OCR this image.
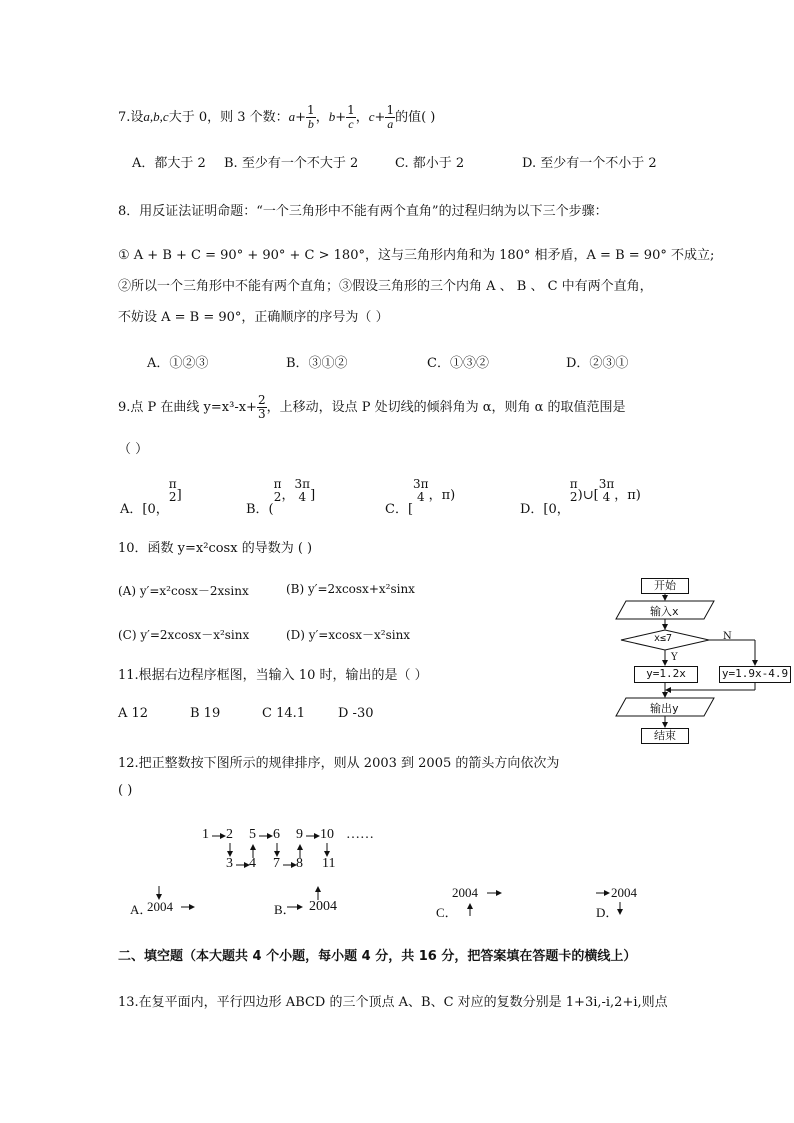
7.设a,b,c大于 0，则 3 个数：$a+ \frac{1}{b}$ ，$b+ \frac{1}{c}$ ，$c+ \frac{1}{a}$ 的值( )
A．都大于 2 B. 至少有一个不大于 2	C. 都小于 2	D. 至少有一个不小于 2
8．用反证法证明命题：“一个三角形中不能有两个直角”的过程归纳为以下三个步骤：
① A + B + C = 90° + 90° + C > 180°，这与三角形内角和为 180° 相矛盾，A = B = 90° 不成立;
②所以一个三角形中不能有两个直角；③假设三角形的三个内角 A 、 B 、 C 中有两个直角，
不妨设 A = B = 90°，正确顺序的序号为（ ）
A．①②③	B．③①②	C．①③②	D．②③①
9.点 P 在曲线 $y=x^3-x+ \frac{2}{3}$ ，上移动，设点 P 处切线的倾斜角为 α，则角 α 的取值范围是
（ ）
A．[0，
π
2 ]
B．(
π
2 ，
3π
4 ]
C．[
3π
4 ，π)
D．[0，
π
2 )∪[
3π
4 ，π)
10．函数 y=x²cosx 的导数为 ( )
(A) y′=x²cosx－2xsinx	(B) y′=2xcosx+x²sinx
(C) y′=2xcosx－x²sinx	(D) y′=xcosx－x²sinx
11.根据右边程序框图，当输入 10 时，输出的是（ ）
A 12	B 19	C 14.1	D -30
开始
输入x
x≤7	N
Y
y=1.2x	y=1.9x-4.9
输出y
结束
12.把正整数按下图所示的规律排序，则从 2003 到 2005 的箭头方向依次为
( )
1 2 5 6 9 10 ……
3 4 7 8 11
A．
2004	B． 2004	C．
2004
D．
2004
二、填空题（本大题共 4 个小题，每小题 4 分，共 16 分，把答案填在答题卡的横线上）
13.在复平面内，平行四边形 ABCD 的三个顶点 A、B、C 对应的复数分别是 1+3i,-i,2+i,则点
